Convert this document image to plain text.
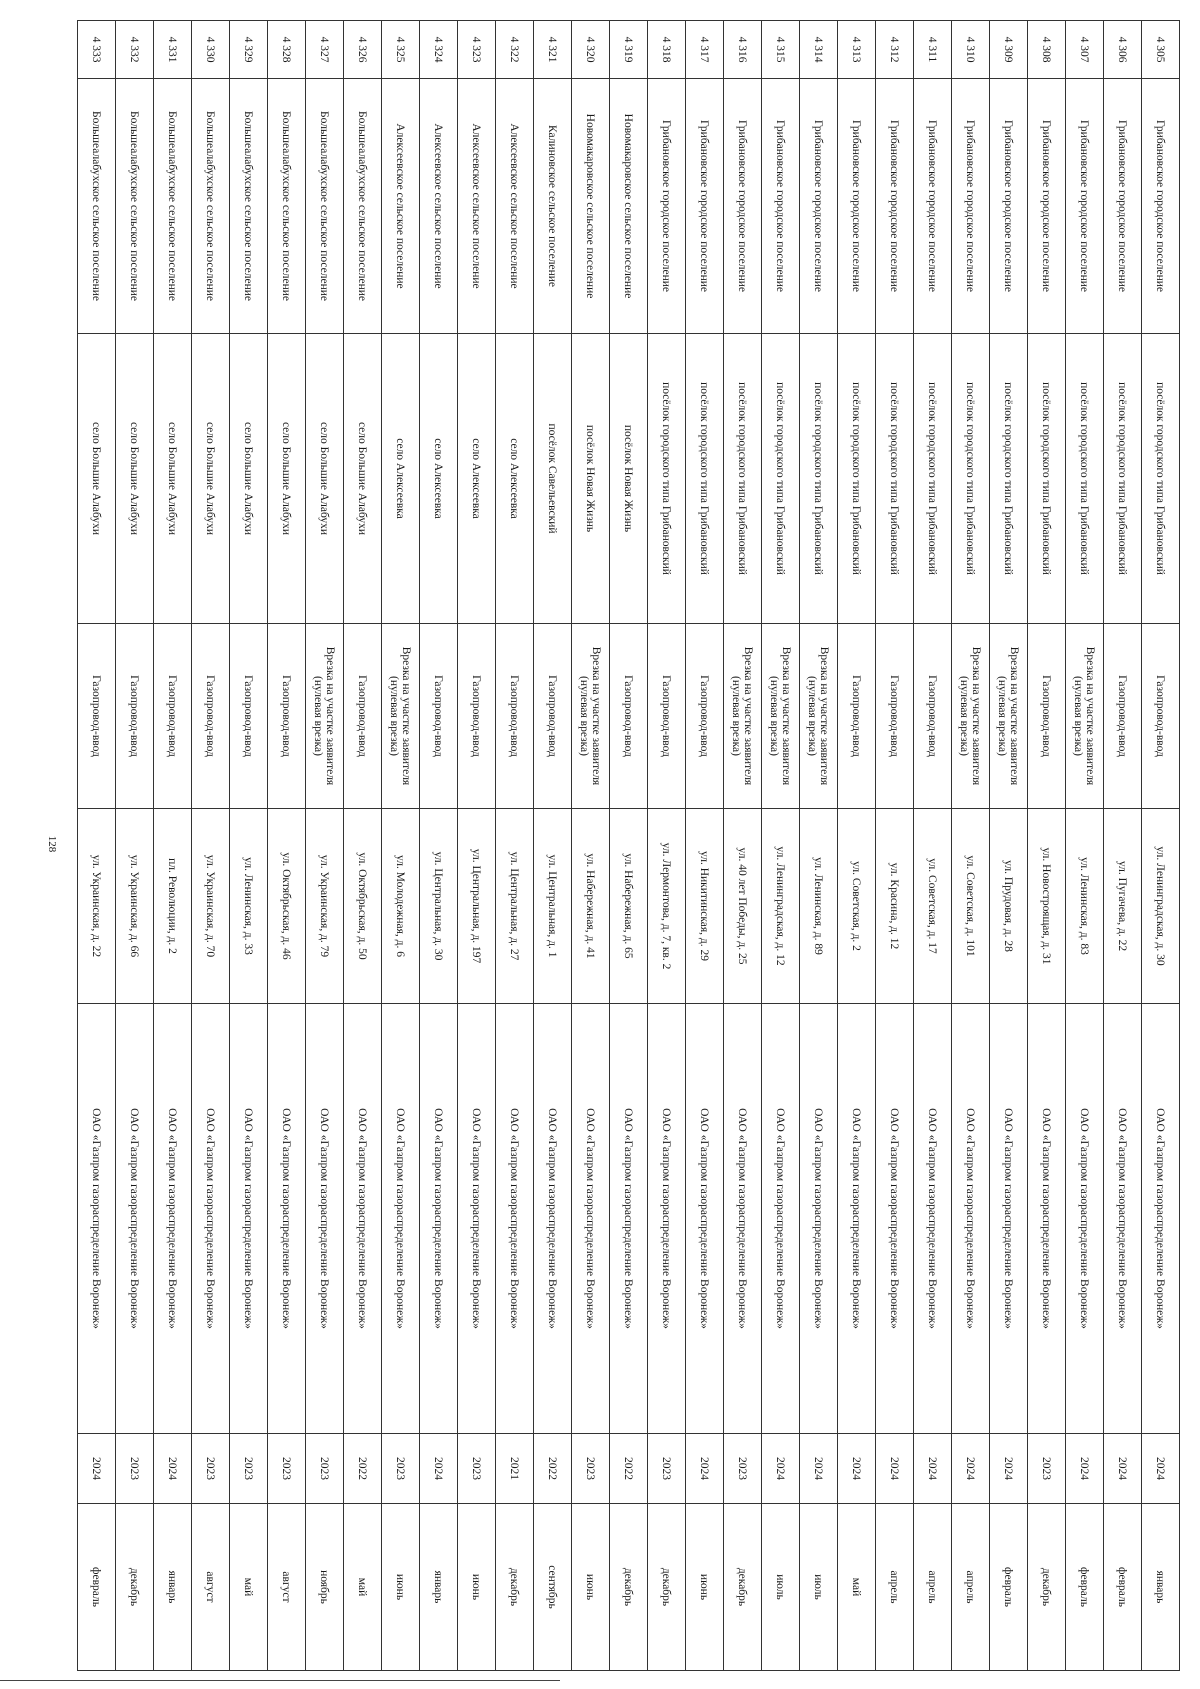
128
4 305	Грибановское городское поселение	посёлок городского типа Грибановский	Газопровод-ввод	ул. Ленинградская, д. 30	ОАО «Газпром газораспределение Воронеж»	2024	январь
4 306	Грибановское городское поселение	посёлок городского типа Грибановский	Газопровод-ввод	ул. Пугачева, д. 22	ОАО «Газпром газораспределение Воронеж»	2024	февраль
4 307	Грибановское городское поселение	посёлок городского типа Грибановский	Врезка на участке заявителя (нулевая врезка)	ул. Ленинская, д. 83	ОАО «Газпром газораспределение Воронеж»	2024	февраль
4 308	Грибановское городское поселение	посёлок городского типа Грибановский	Газопровод-ввод	ул. Новостроящая, д. 31	ОАО «Газпром газораспределение Воронеж»	2023	декабрь
4 309	Грибановское городское поселение	посёлок городского типа Грибановский	Врезка на участке заявителя (нулевая врезка)	ул. Прудовая, д. 28	ОАО «Газпром газораспределение Воронеж»	2024	февраль
4 310	Грибановское городское поселение	посёлок городского типа Грибановский	Врезка на участке заявителя (нулевая врезка)	ул. Советская, д. 101	ОАО «Газпром газораспределение Воронеж»	2024	апрель
4 311	Грибановское городское поселение	посёлок городского типа Грибановский	Газопровод-ввод	ул. Советская, д. 17	ОАО «Газпром газораспределение Воронеж»	2024	апрель
4 312	Грибановское городское поселение	посёлок городского типа Грибановский	Газопровод-ввод	ул. Красина, д. 12	ОАО «Газпром газораспределение Воронеж»	2024	апрель
4 313	Грибановское городское поселение	посёлок городского типа Грибановский	Газопровод-ввод	ул. Советская, д. 2	ОАО «Газпром газораспределение Воронеж»	2024	май
4 314	Грибановское городское поселение	посёлок городского типа Грибановский	Врезка на участке заявителя (нулевая врезка)	ул. Ленинская, д. 89	ОАО «Газпром газораспределение Воронеж»	2024	июль
4 315	Грибановское городское поселение	посёлок городского типа Грибановский	Врезка на участке заявителя (нулевая врезка)	ул. Ленинградская, д. 12	ОАО «Газпром газораспределение Воронеж»	2024	июль
4 316	Грибановское городское поселение	посёлок городского типа Грибановский	Врезка на участке заявителя (нулевая врезка)	ул. 40 лет Победы, д. 25	ОАО «Газпром газораспределение Воронеж»	2023	декабрь
4 317	Грибановское городское поселение	посёлок городского типа Грибановский	Газопровод-ввод	ул. Никитинская, д. 29	ОАО «Газпром газораспределение Воронеж»	2024	июнь
4 318	Грибановское городское поселение	посёлок городского типа Грибановский	Газопровод-ввод	ул. Лермонтова, д. 7, кв. 2	ОАО «Газпром газораспределение Воронеж»	2023	декабрь
4 319	Новомакаровское сельское поселение	посёлок Новая Жизнь	Газопровод-ввод	ул. Набережная, д. 65	ОАО «Газпром газораспределение Воронеж»	2022	декабрь
4 320	Новомакаровское сельское поселение	посёлок Новая Жизнь	Врезка на участке заявителя (нулевая врезка)	ул. Набережная, д. 41	ОАО «Газпром газораспределение Воронеж»	2023	июнь
4 321	Калиновское сельское поселение	посёлок Савельевский	Газопровод-ввод	ул. Центральная, д. 1	ОАО «Газпром газораспределение Воронеж»	2022	сентябрь
4 322	Алексеевское сельское поселение	село Алексеевка	Газопровод-ввод	ул. Центральная, д. 27	ОАО «Газпром газораспределение Воронеж»	2021	декабрь
4 323	Алексеевское сельское поселение	село Алексеевка	Газопровод-ввод	ул. Центральная, д. 197	ОАО «Газпром газораспределение Воронеж»	2023	июнь
4 324	Алексеевское сельское поселение	село Алексеевка	Газопровод-ввод	ул. Центральная, д. 30	ОАО «Газпром газораспределение Воронеж»	2024	январь
4 325	Алексеевское сельское поселение	село Алексеевка	Врезка на участке заявителя (нулевая врезка)	ул. Молодежная, д. 6	ОАО «Газпром газораспределение Воронеж»	2023	июнь
4 326	Большеалабухское сельское поселение	село Большие Алабухи	Газопровод-ввод	ул. Октябрьская, д. 50	ОАО «Газпром газораспределение Воронеж»	2022	май
4 327	Большеалабухское сельское поселение	село Большие Алабухи	Врезка на участке заявителя (нулевая врезка)	ул. Украинская, д. 79	ОАО «Газпром газораспределение Воронеж»	2023	ноябрь
4 328	Большеалабухское сельское поселение	село Большие Алабухи	Газопровод-ввод	ул. Октябрьская, д. 46	ОАО «Газпром газораспределение Воронеж»	2023	август
4 329	Большеалабухское сельское поселение	село Большие Алабухи	Газопровод-ввод	ул. Ленинская, д. 33	ОАО «Газпром газораспределение Воронеж»	2023	май
4 330	Большеалабухское сельское поселение	село Большие Алабухи	Газопровод-ввод	ул. Украинская, д. 70	ОАО «Газпром газораспределение Воронеж»	2023	август
4 331	Большеалабухское сельское поселение	село Большие Алабухи	Газопровод-ввод	пл. Революции, д. 2	ОАО «Газпром газораспределение Воронеж»	2024	январь
4 332	Большеалабухское сельское поселение	село Большие Алабухи	Газопровод-ввод	ул. Украинская, д. 66	ОАО «Газпром газораспределение Воронеж»	2023	декабрь
4 333	Большеалабухское сельское поселение	село Большие Алабухи	Газопровод-ввод	ул. Украинская, д. 22	ОАО «Газпром газораспределение Воронеж»	2024	февраль
